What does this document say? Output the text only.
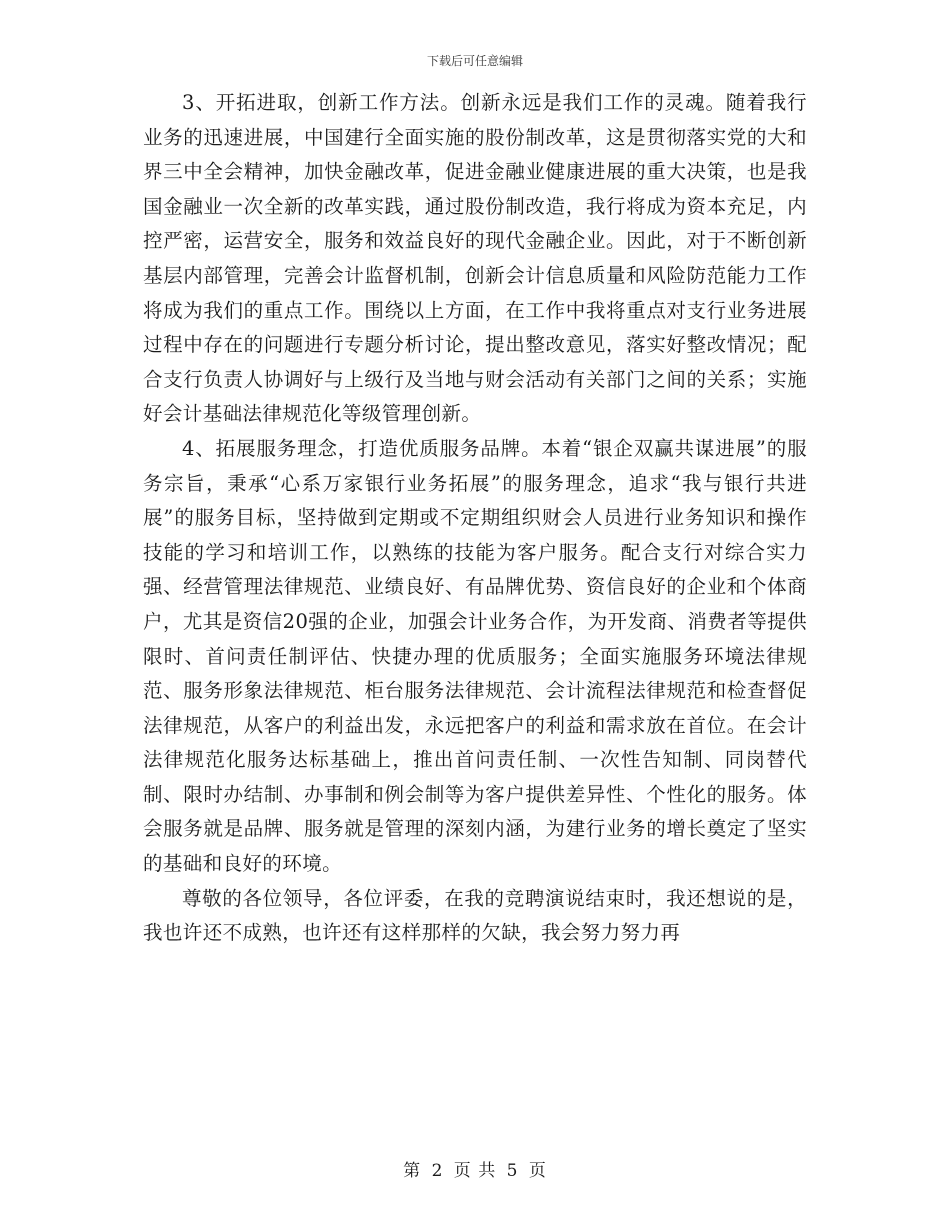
下载后可任意编辑

3、开拓进取，创新工作方法。创新永远是我们工作的灵魂。随着我行业务的迅速进展，中国建行全面实施的股份制改革，这是贯彻落实党的大和界三中全会精神，加快金融改革，促进金融业健康进展的重大决策，也是我国金融业一次全新的改革实践，通过股份制改造，我行将成为资本充足，内控严密，运营安全，服务和效益良好的现代金融企业。因此，对于不断创新基层内部管理，完善会计监督机制，创新会计信息质量和风险防范能力工作将成为我们的重点工作。围绕以上方面，在工作中我将重点对支行业务进展过程中存在的问题进行专题分析讨论，提出整改意见，落实好整改情况；配合支行负责人协调好与上级行及当地与财会活动有关部门之间的关系；实施好会计基础法律规范化等级管理创新。

4、拓展服务理念，打造优质服务品牌。本着“银企双赢共谋进展”的服务宗旨，秉承“心系万家银行业务拓展”的服务理念，追求“我与银行共进展”的服务目标，坚持做到定期或不定期组织财会人员进行业务知识和操作技能的学习和培训工作，以熟练的技能为客户服务。配合支行对综合实力强、经营管理法律规范、业绩良好、有品牌优势、资信良好的企业和个体商户，尤其是资信20强的企业，加强会计业务合作，为开发商、消费者等提供限时、首问责任制评估、快捷办理的优质服务；全面实施服务环境法律规范、服务形象法律规范、柜台服务法律规范、会计流程法律规范和检查督促法律规范，从客户的利益出发，永远把客户的利益和需求放在首位。在会计法律规范化服务达标基础上，推出首问责任制、一次性告知制、同岗替代制、限时办结制、办事制和例会制等为客户提供差异性、个性化的服务。体会服务就是品牌、服务就是管理的深刻内涵，为建行业务的增长奠定了坚实的基础和良好的环境。

尊敬的各位领导，各位评委，在我的竞聘演说结束时，我还想说的是，我也许还不成熟，也许还有这样那样的欠缺，我会努力努力再

第 2 页 共 5 页
